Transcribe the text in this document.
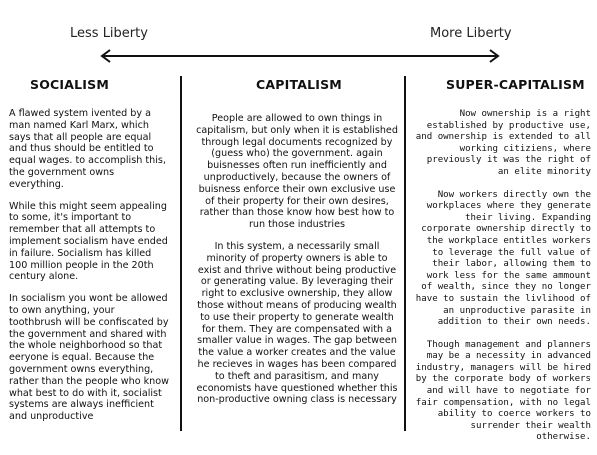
Less Liberty	More Liberty
SOCIALISM	CAPITALISM	SUPER-CAPITALISM

A flawed system ivented by a man named Karl Marx, which says that all people are equal and thus should be entitled to equal wages. to accomplish this, the government owns everything.

While this might seem appealing to some, it's important to remember that all attempts to implement socialism have ended in failure. Socialism has killed 100 million people in the 20th century alone.

In socialism you wont be allowed to own anything, your toothbrush will be confiscated by the government and shared with the whole neighborhood so that eeryone is equal. Because the government owns everything, rather than the people who know what best to do with it, socialist systems are always inefficient and unproductive

People are allowed to own things in capitalism, but only when it is established through legal documents recognized by (guess who) the government. again buisnesses often run inefficiently and unproductively, because the owners of buisness enforce their own exclusive use of their property for their own desires, rather than those know how best how to run those industries

In this system, a necessarily small minority of property owners is able to exist and thrive without being productive or generating value. By leveraging their right to exclusive ownership, they allow those without means of producing wealth to use their property to generate wealth for them. They are compensated with a smaller value in wages. The gap between the value a worker creates and the value he recieves in wages has been compared to theft and parasitism, and many economists have questioned whether this non-productive owning class is necessary

Now ownership is a right established by productive use, and ownership is extended to all working citiziens, where previously it was the right of an elite minority

Now workers directly own the workplaces where they generate their living. Expanding corporate ownership directly to the workplace entitles workers to leverage the full value of their labor, allowing them to work less for the same ammount of wealth, since they no longer have to sustain the livlihood of an unproductive parasite in addition to their own needs.

Though management and planners may be a necessity in advanced industry, managers will be hired by the corporate body of workers and will have to negotiate for fair compensation, with no legal ability to coerce workers to surrender their wealth otherwise.
